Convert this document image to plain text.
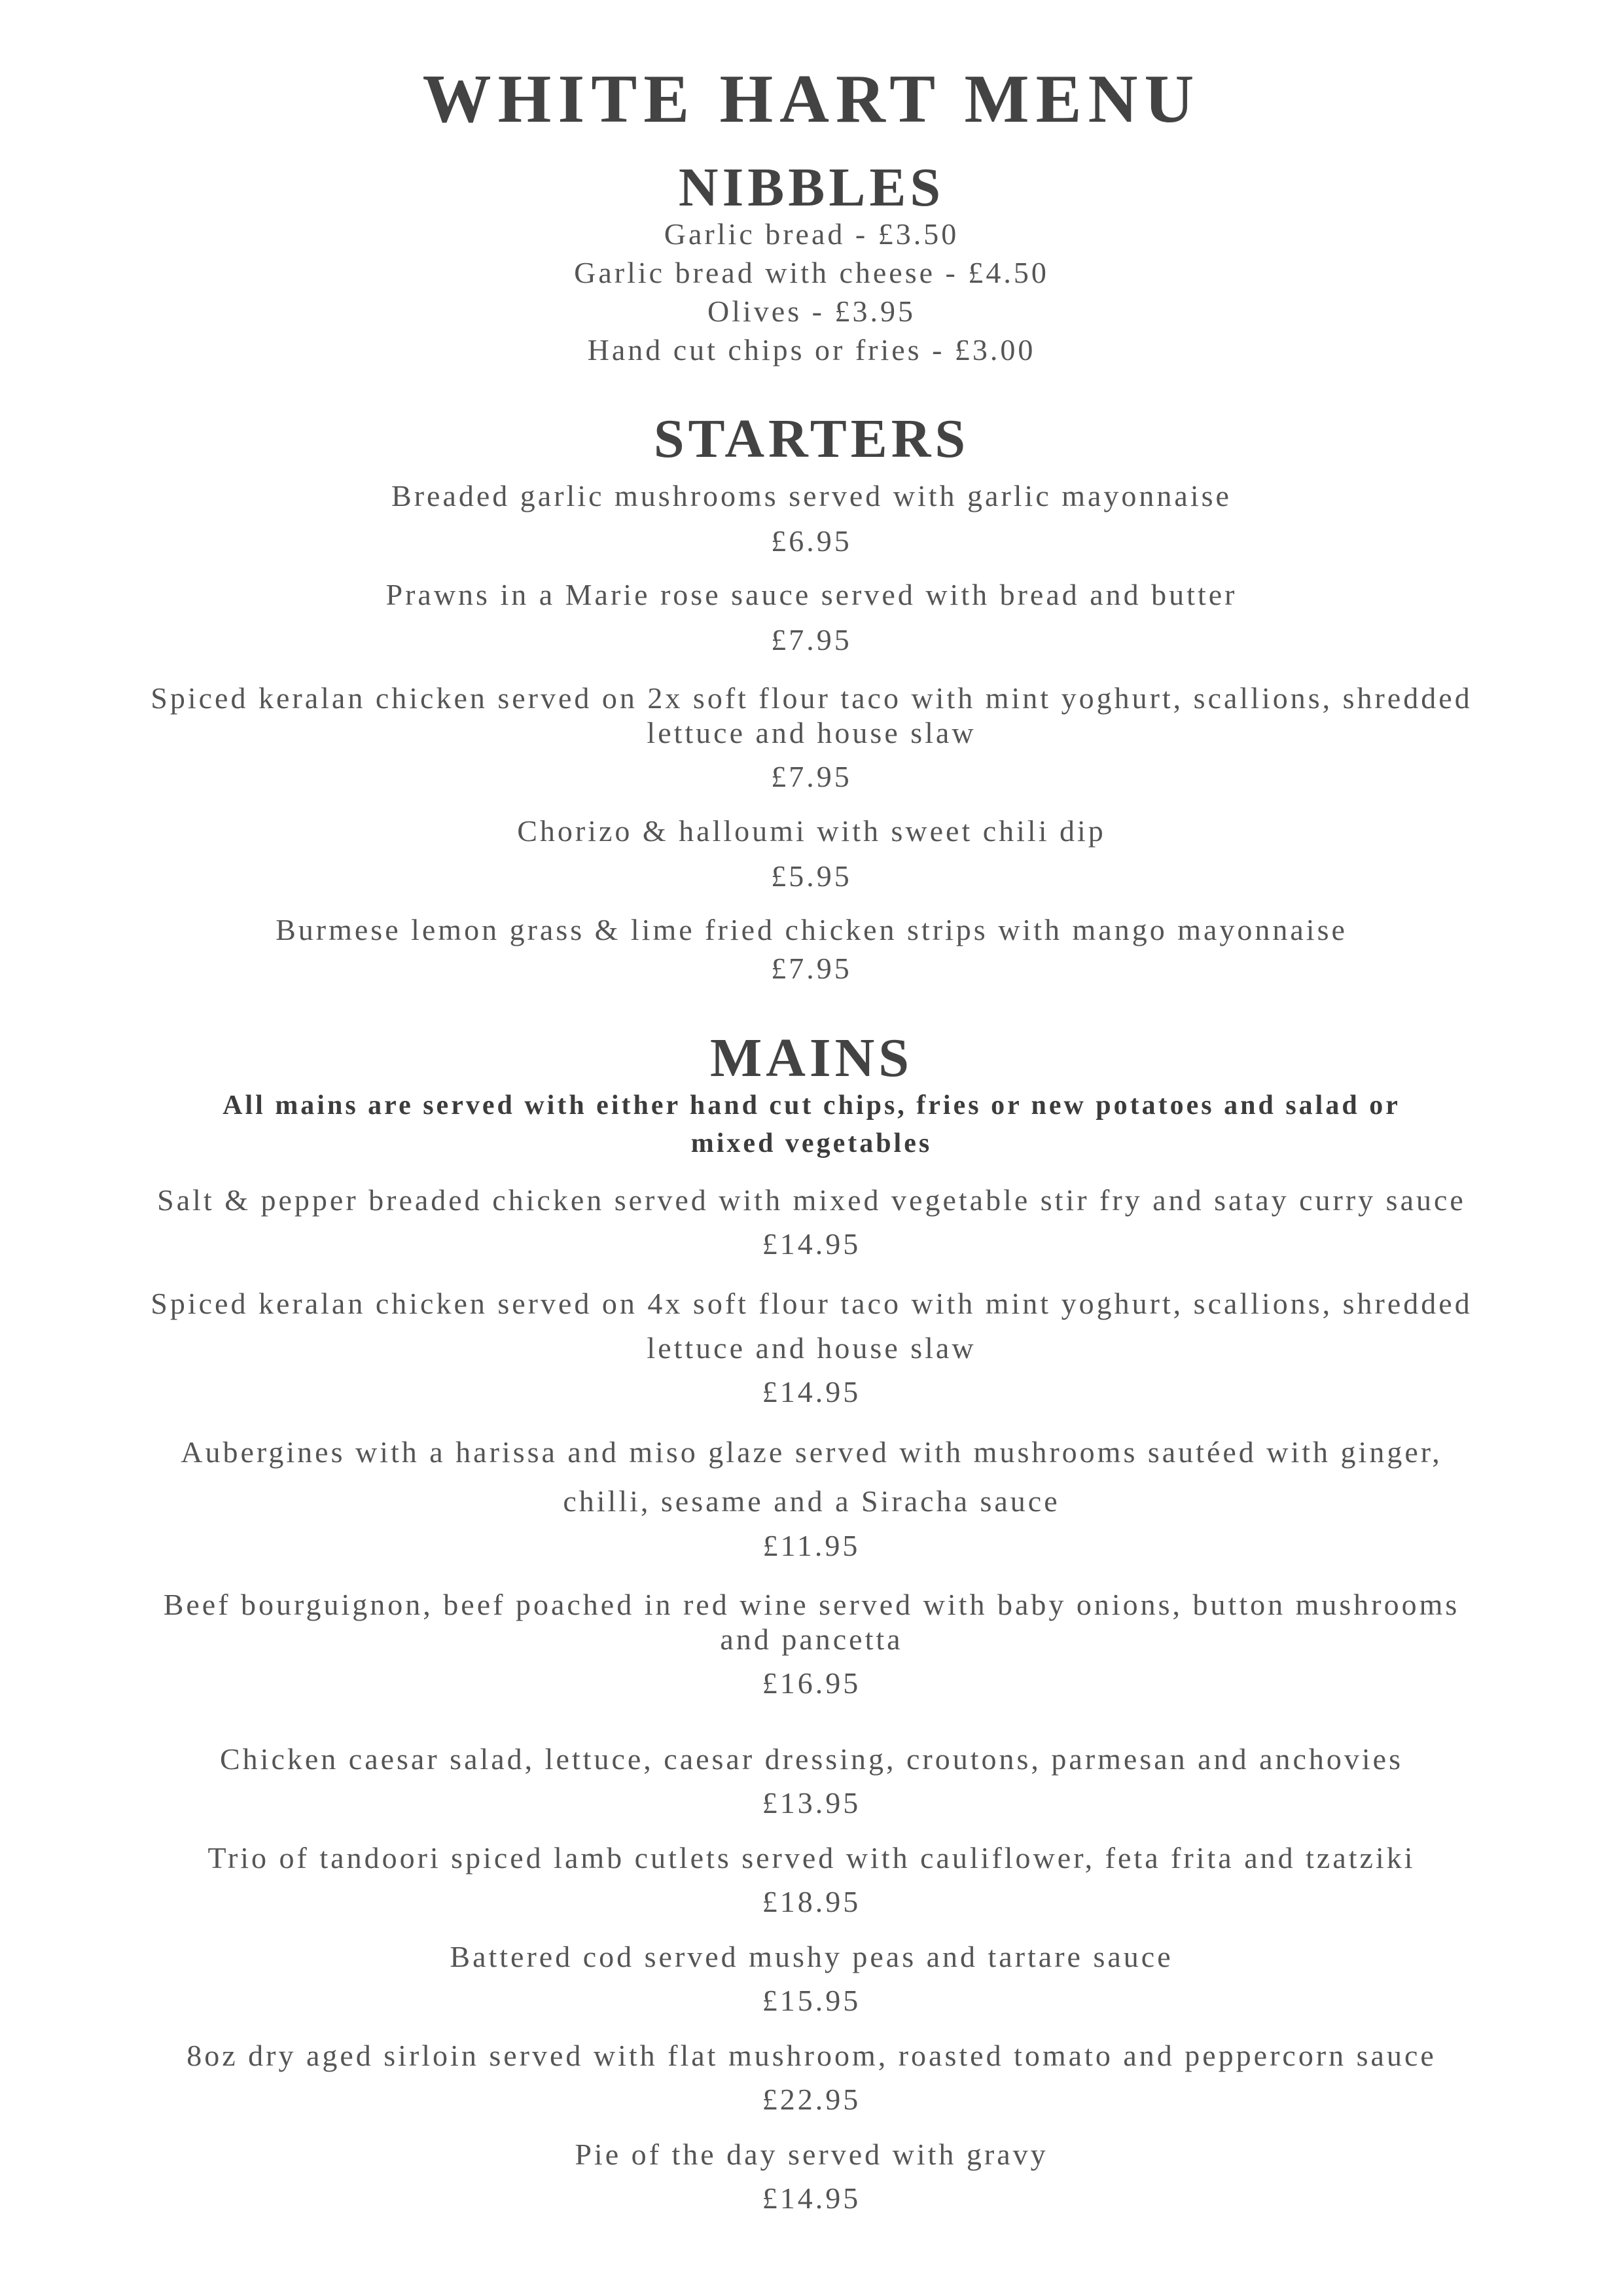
WHITE HART MENU
NIBBLES
Garlic bread - £3.50
Garlic bread with cheese - £4.50
Olives - £3.95
Hand cut chips or fries - £3.00
STARTERS
Breaded garlic mushrooms served with garlic mayonnaise
£6.95
Prawns in a Marie rose sauce served with bread and butter
£7.95
Spiced keralan chicken served on 2x soft flour taco with mint yoghurt, scallions, shredded
lettuce and house slaw
£7.95
Chorizo & halloumi with sweet chili dip
£5.95
Burmese lemon grass & lime fried chicken strips with mango mayonnaise
£7.95
MAINS
All mains are served with either hand cut chips, fries or new potatoes and salad or
mixed vegetables
Salt & pepper breaded chicken served with mixed vegetable stir fry and satay curry sauce
£14.95
Spiced keralan chicken served on 4x soft flour taco with mint yoghurt, scallions, shredded
lettuce and house slaw
£14.95
Aubergines with a harissa and miso glaze served with mushrooms sautéed with ginger,
chilli, sesame and a Siracha sauce
£11.95
Beef bourguignon, beef poached in red wine served with baby onions, button mushrooms
and pancetta
£16.95
Chicken caesar salad, lettuce, caesar dressing, croutons, parmesan and anchovies
£13.95
Trio of tandoori spiced lamb cutlets served with cauliflower, feta frita and tzatziki
£18.95
Battered cod served mushy peas and tartare sauce
£15.95
8oz dry aged sirloin served with flat mushroom, roasted tomato and peppercorn sauce
£22.95
Pie of the day served with gravy
£14.95
